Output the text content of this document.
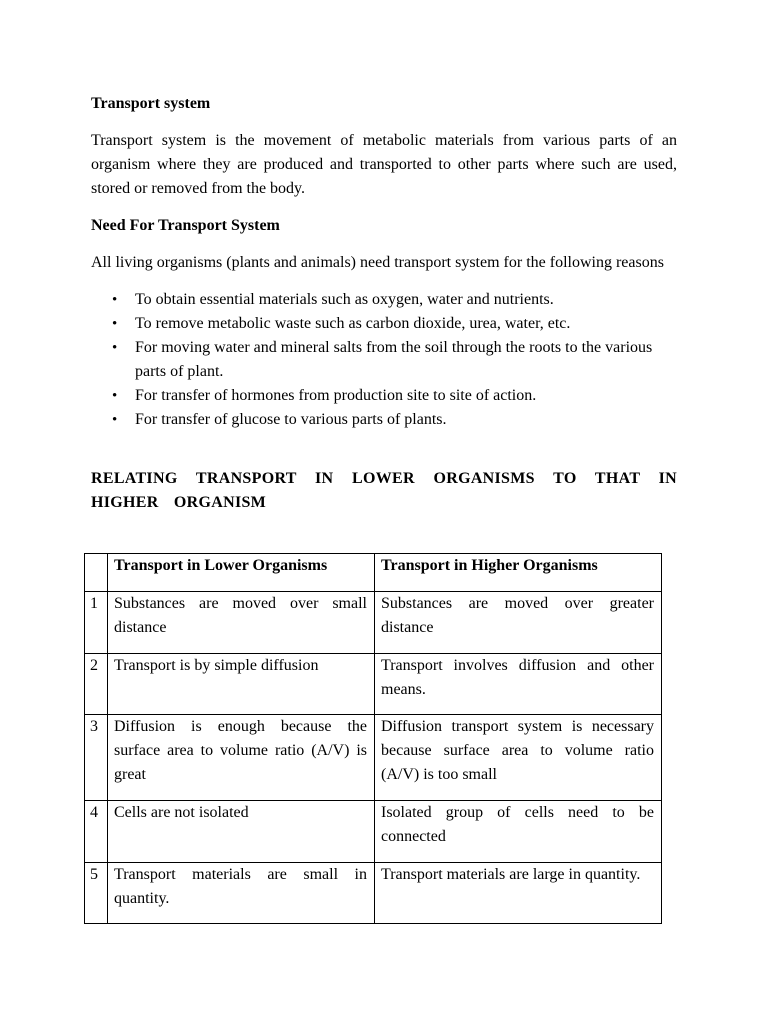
Transport system

Transport system is the movement of metabolic materials from various parts of an organism where they are produced and transported to other parts where such are used, stored or removed from the body.

Need For Transport System

All living organisms (plants and animals) need transport system for the following reasons

• To obtain essential materials such as oxygen, water and nutrients.
• To remove metabolic waste such as carbon dioxide, urea, water, etc.
• For moving water and mineral salts from the soil through the roots to the various parts of plant.
• For transfer of hormones from production site to site of action.
• For transfer of glucose to various parts of plants.

RELATING TRANSPORT IN LOWER ORGANISMS TO THAT IN HIGHER ORGANISM

	Transport in Lower Organisms	Transport in Higher Organisms
1	Substances are moved over small distance	Substances are moved over greater distance
2	Transport is by simple diffusion	Transport involves diffusion and other means.
3	Diffusion is enough because the surface area to volume ratio (A/V) is great	Diffusion transport system is necessary because surface area to volume ratio (A/V) is too small
4	Cells are not isolated	Isolated group of cells need to be connected
5	Transport materials are small in quantity.	Transport materials are large in quantity.
